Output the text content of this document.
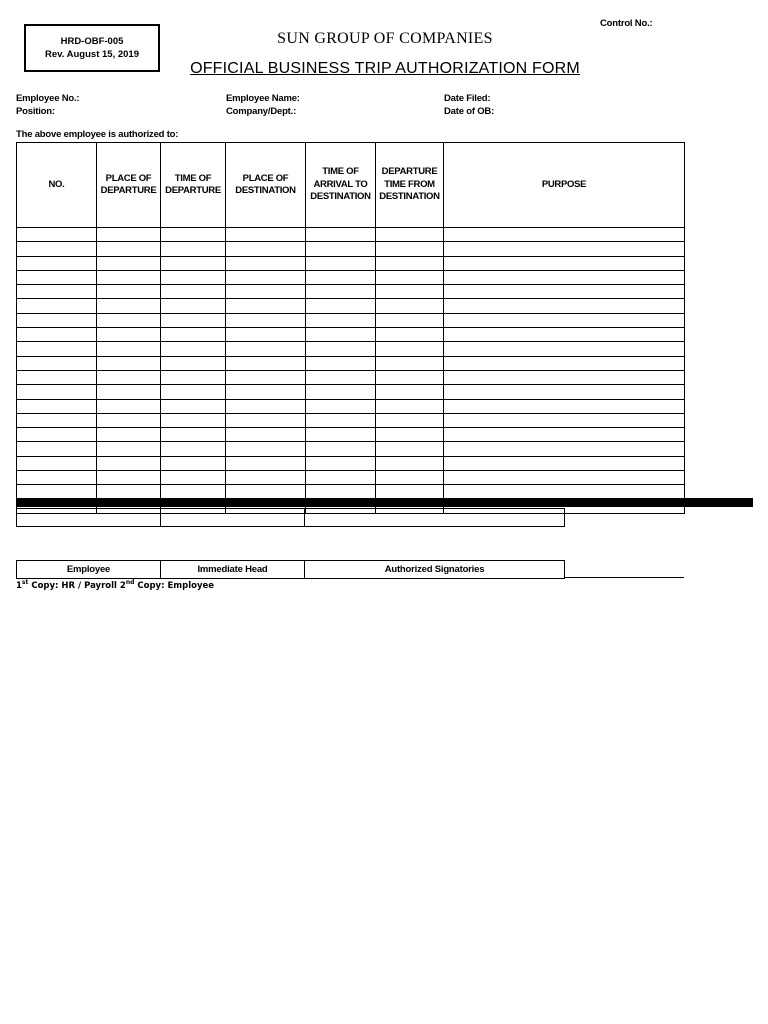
HRD-OBF-005
Rev. August 15, 2019
Control No.:
SUN GROUP OF COMPANIES
OFFICIAL BUSINESS TRIP AUTHORIZATION FORM
Employee No.:
Position:
Employee Name:
Company/Dept.:
Date Filed:
Date of OB:
The above employee is authorized to:
NO.	PLACE OF DEPARTURE	TIME OF DEPARTURE	PLACE OF DESTINATION	TIME OF ARRIVAL TO DESTINATION	DEPARTURE TIME FROM DESTINATION	PURPOSE

Employee	Immediate Head	Authorized Signatories
1st Copy: HR / Payroll 2nd Copy: Employee
